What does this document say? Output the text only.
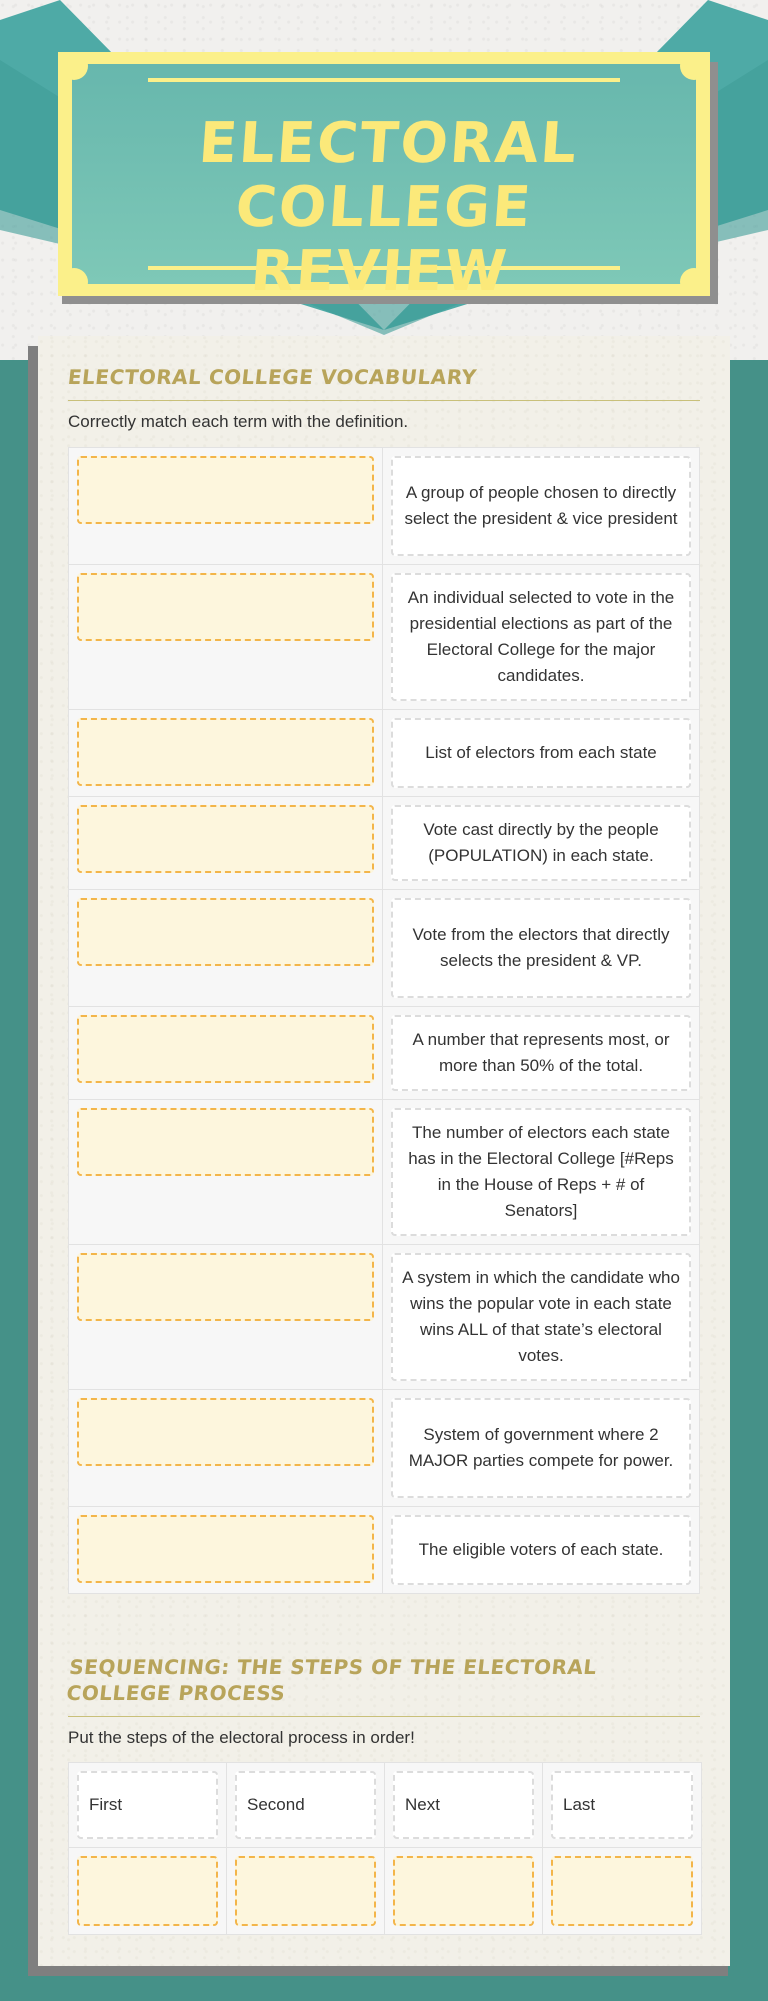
ELECTORAL COLLEGE REVIEW
ELECTORAL COLLEGE VOCABULARY
Correctly match each term with the definition.
A group of people chosen to directly select the president & vice president
An individual selected to vote in the presidential elections as part of the Electoral College for the major candidates.
List of electors from each state
Vote cast directly by the people (POPULATION) in each state.
Vote from the electors that directly selects the president & VP.
A number that represents most, or more than 50% of the total.
The number of electors each state has in the Electoral College [#Reps in the House of Reps + # of Senators]
A system in which the candidate who wins the popular vote in each state wins ALL of that state’s electoral votes.
System of government where 2 MAJOR parties compete for power.
The eligible voters of each state.
SEQUENCING: THE STEPS OF THE ELECTORAL COLLEGE PROCESS
Put the steps of the electoral process in order!
First	Second	Next	Last
